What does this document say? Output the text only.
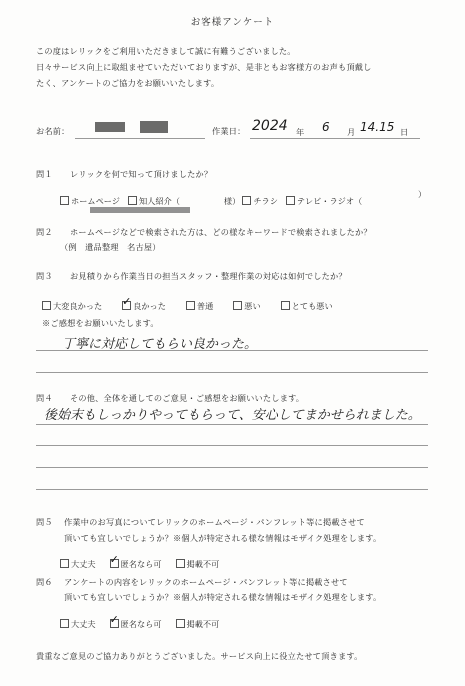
お客様アンケート
この度はレリックをご利用いただきまして誠に有難うございました。
日々サービス向上に取組ませていただいておりますが、是非ともお客様方のお声も頂戴し
たく、アンケートのご協力をお願いいたします。
お名前：	作業日： 2024 年 6 月 14.15 日
問１ レリックを何で知って頂けましたか？
ホームページ 知人紹介（	様） チラシ テレビ・ラジオ（
）
問２ ホームページなどで検索された方は、どの様なキーワードで検索されましたか？
（例　遺品整理　名古屋）
問３ お見積りから作業当日の担当スタッフ・整理作業の対応は如何でしたか？
大変良かった ✓	良かった	普通	悪い	とても悪い
※ご感想をお願いいたします。
丁寧に対応してもらい良かった。
問４ その他、全体を通してのご意見・ご感想をお願いいたします。
後始末もしっかりやってもらって、安心してまかせられました。
問５ 作業中のお写真についてレリックのホームページ・パンフレット等に掲載させて
頂いても宜しいでしょうか？※個人が特定される様な情報はモザイク処理をします。
大丈夫 ✓	匿名なら可	掲載不可
問６ アンケートの内容をレリックのホームページ・パンフレット等に掲載させて
頂いても宜しいでしょうか？※個人が特定される様な情報はモザイク処理をします。
大丈夫 ✓	匿名なら可	掲載不可
貴重なご意見のご協力ありがとうございました。サービス向上に役立たせて頂きます。
